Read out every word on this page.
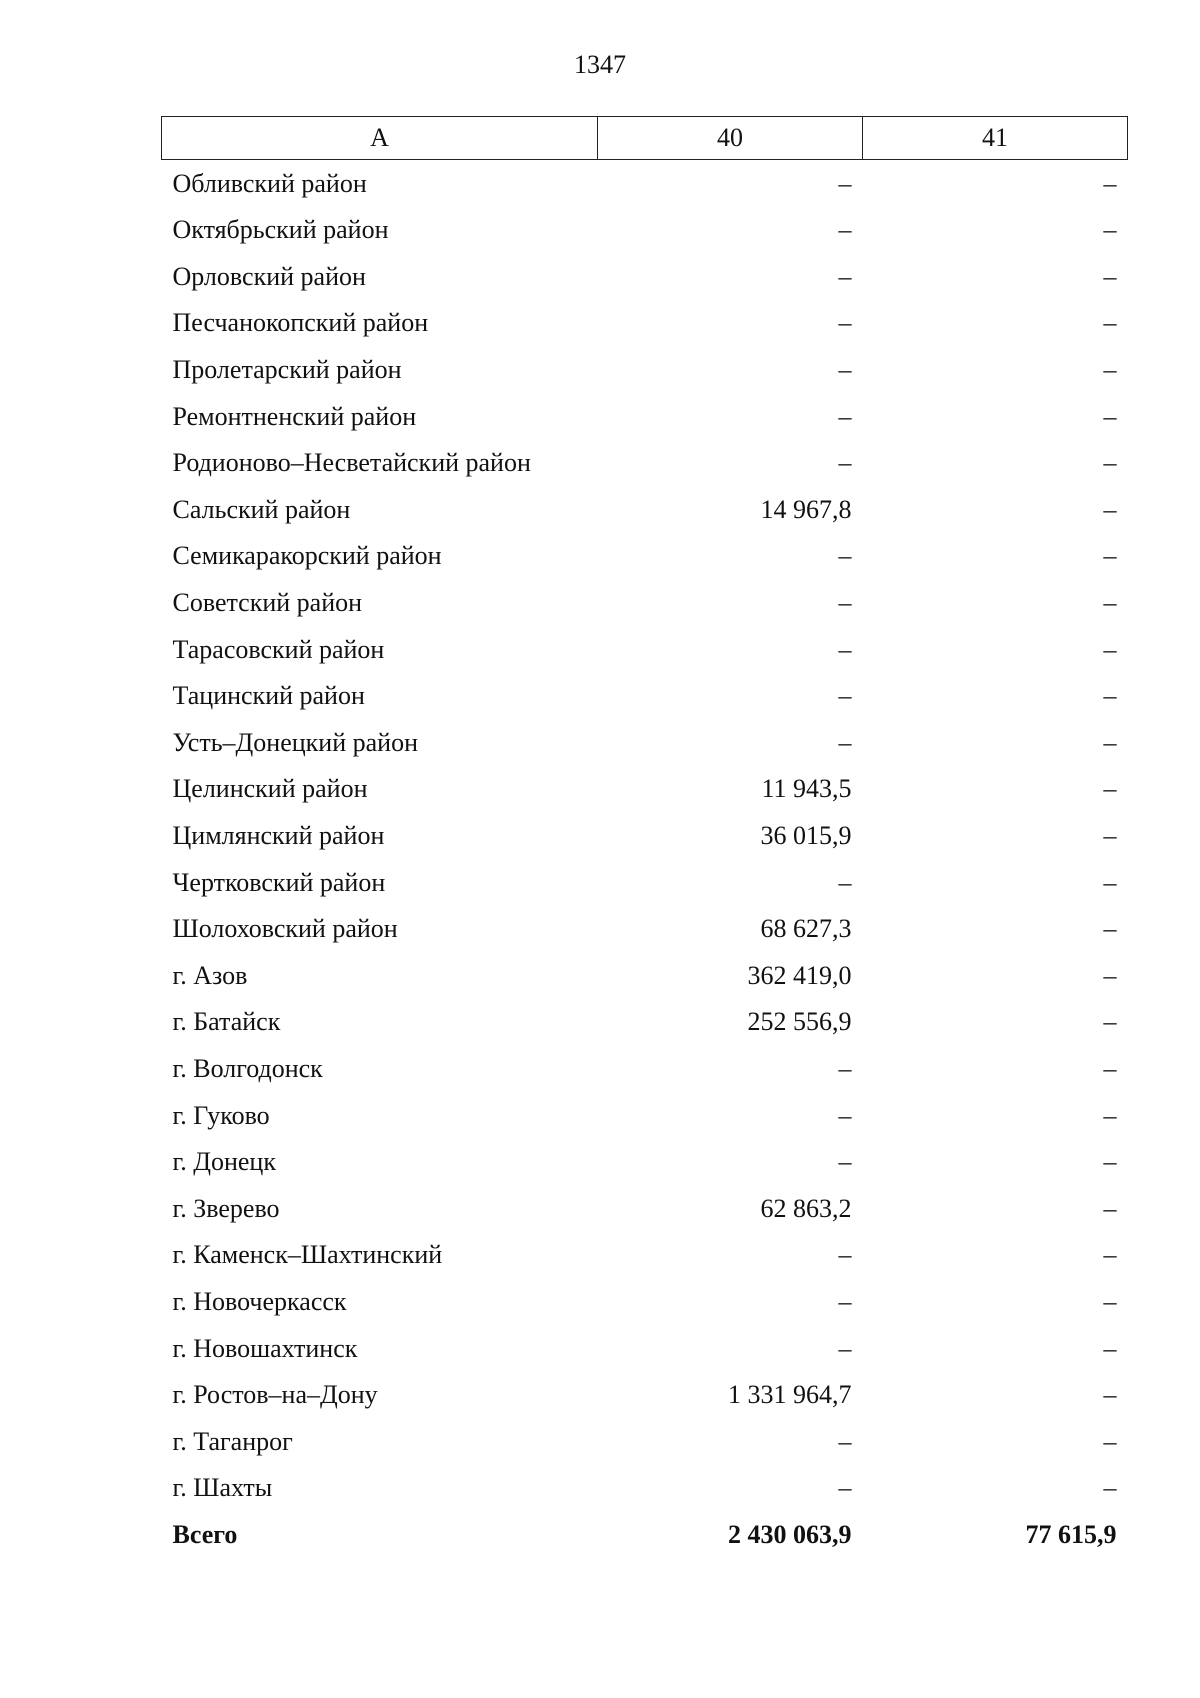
1347
А	40	41
Обливский район	–	–
Октябрьский район	–	–
Орловский район	–	–
Песчанокопский район	–	–
Пролетарский район	–	–
Ремонтненский район	–	–
Родионово–Несветайский район	–	–
Сальский район	14 967,8	–
Семикаракорский район	–	–
Советский район	–	–
Тарасовский район	–	–
Тацинский район	–	–
Усть–Донецкий район	–	–
Целинский район	11 943,5	–
Цимлянский район	36 015,9	–
Чертковский район	–	–
Шолоховский район	68 627,3	–
г. Азов	362 419,0	–
г. Батайск	252 556,9	–
г. Волгодонск	–	–
г. Гуково	–	–
г. Донецк	–	–
г. Зверево	62 863,2	–
г. Каменск–Шахтинский	–	–
г. Новочеркасск	–	–
г. Новошахтинск	–	–
г. Ростов–на–Дону	1 331 964,7	–
г. Таганрог	–	–
г. Шахты	–	–
Всего	2 430 063,9	77 615,9
